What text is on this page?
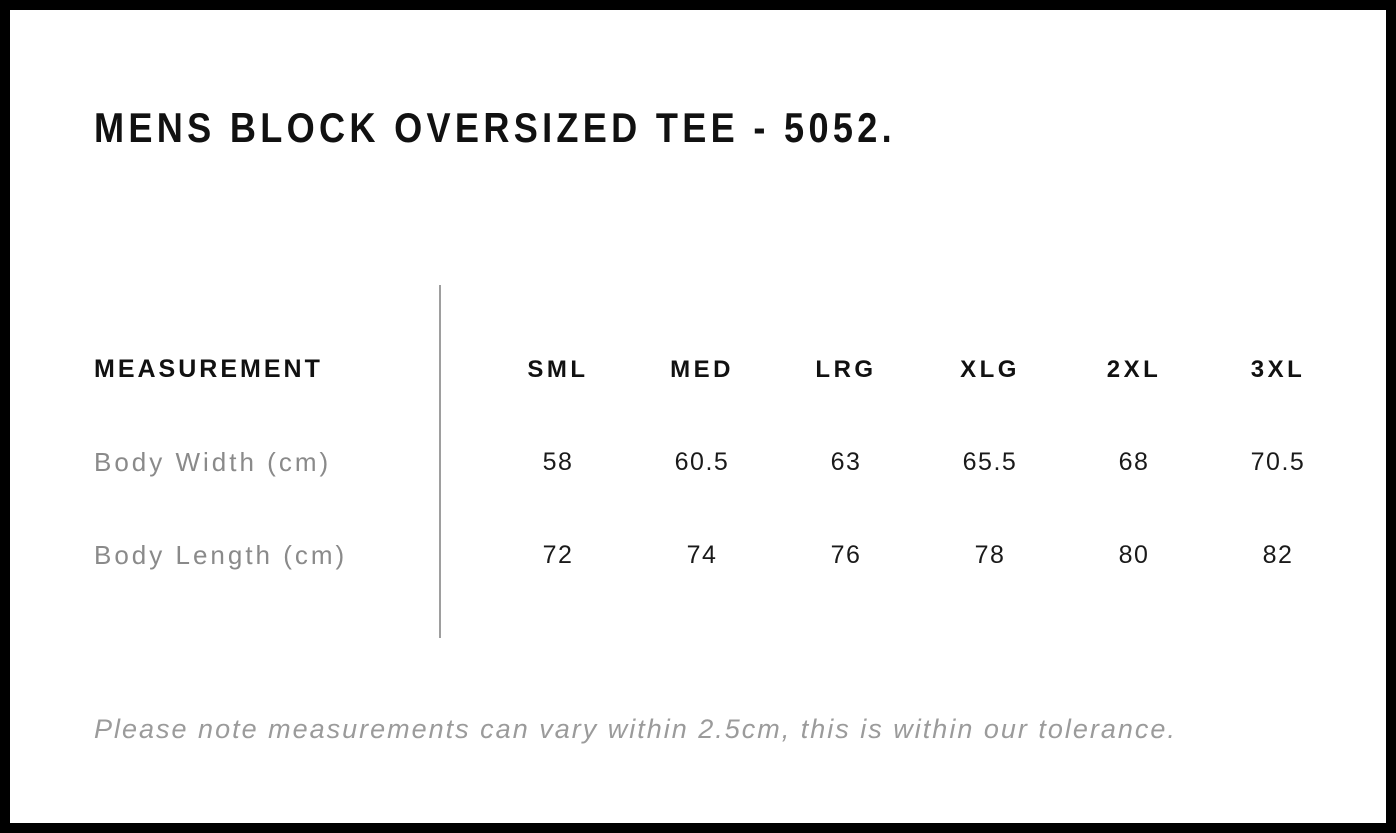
MENS BLOCK OVERSIZED TEE - 5052.
MEASUREMENT	SML	MED	LRG	XLG	2XL	3XL
Body Width (cm)	58	60.5	63	65.5	68	70.5
Body Length (cm)	72	74	76	78	80	82

Please note measurements can vary within 2.5cm, this is within our tolerance.
